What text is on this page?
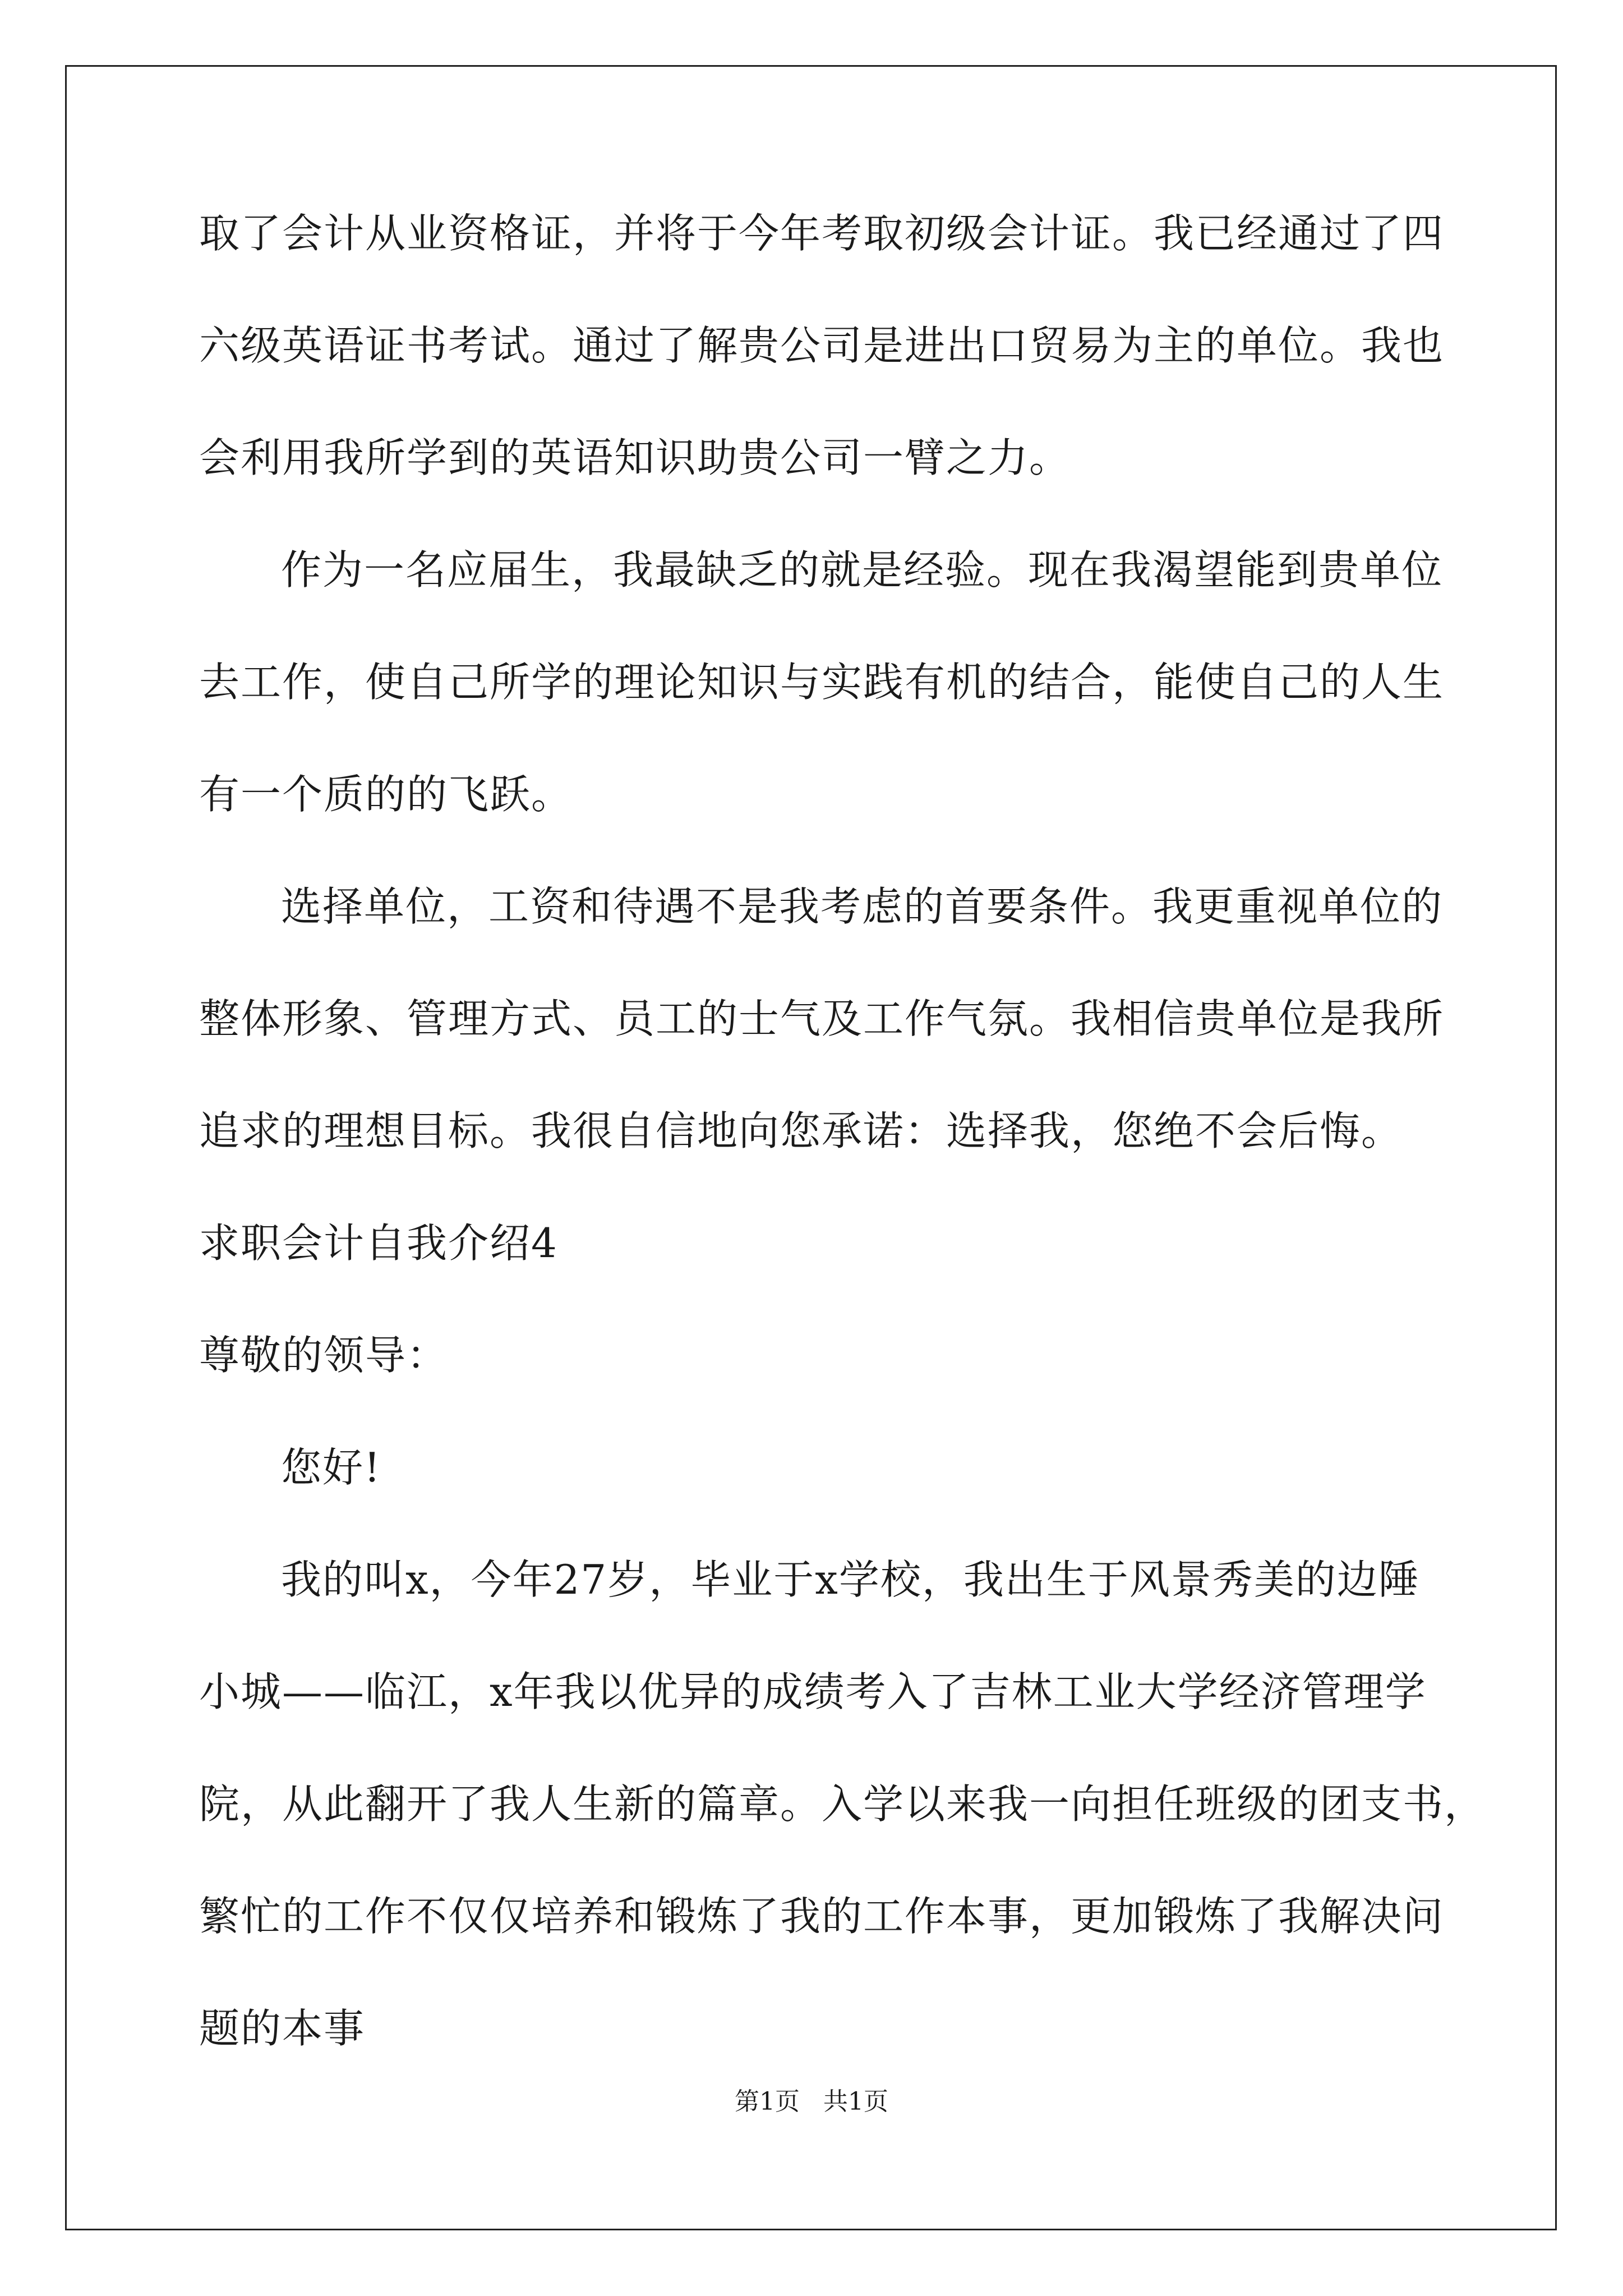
取了会计从业资格证，并将于今年考取初级会计证。我已经通过了四
六级英语证书考试。通过了解贵公司是进出口贸易为主的单位。我也
会利用我所学到的英语知识助贵公司一臂之力。
作为一名应届生，我最缺乏的就是经验。现在我渴望能到贵单位
去工作，使自己所学的理论知识与实践有机的结合，能使自己的人生
有一个质的的飞跃。
选择单位，工资和待遇不是我考虑的首要条件。我更重视单位的
整体形象、管理方式、员工的士气及工作气氛。我相信贵单位是我所
追求的理想目标。我很自信地向您承诺：选择我，您绝不会后悔。
求职会计自我介绍4
尊敬的领导：
您好!
我的叫x，今年27岁，毕业于x学校，我出生于风景秀美的边陲
小城——临江，x年我以优异的成绩考入了吉林工业大学经济管理学
院，从此翻开了我人生新的篇章。入学以来我一向担任班级的团支书，
繁忙的工作不仅仅培养和锻炼了我的工作本事，更加锻炼了我解决问
题的本事
第1页   共1页
